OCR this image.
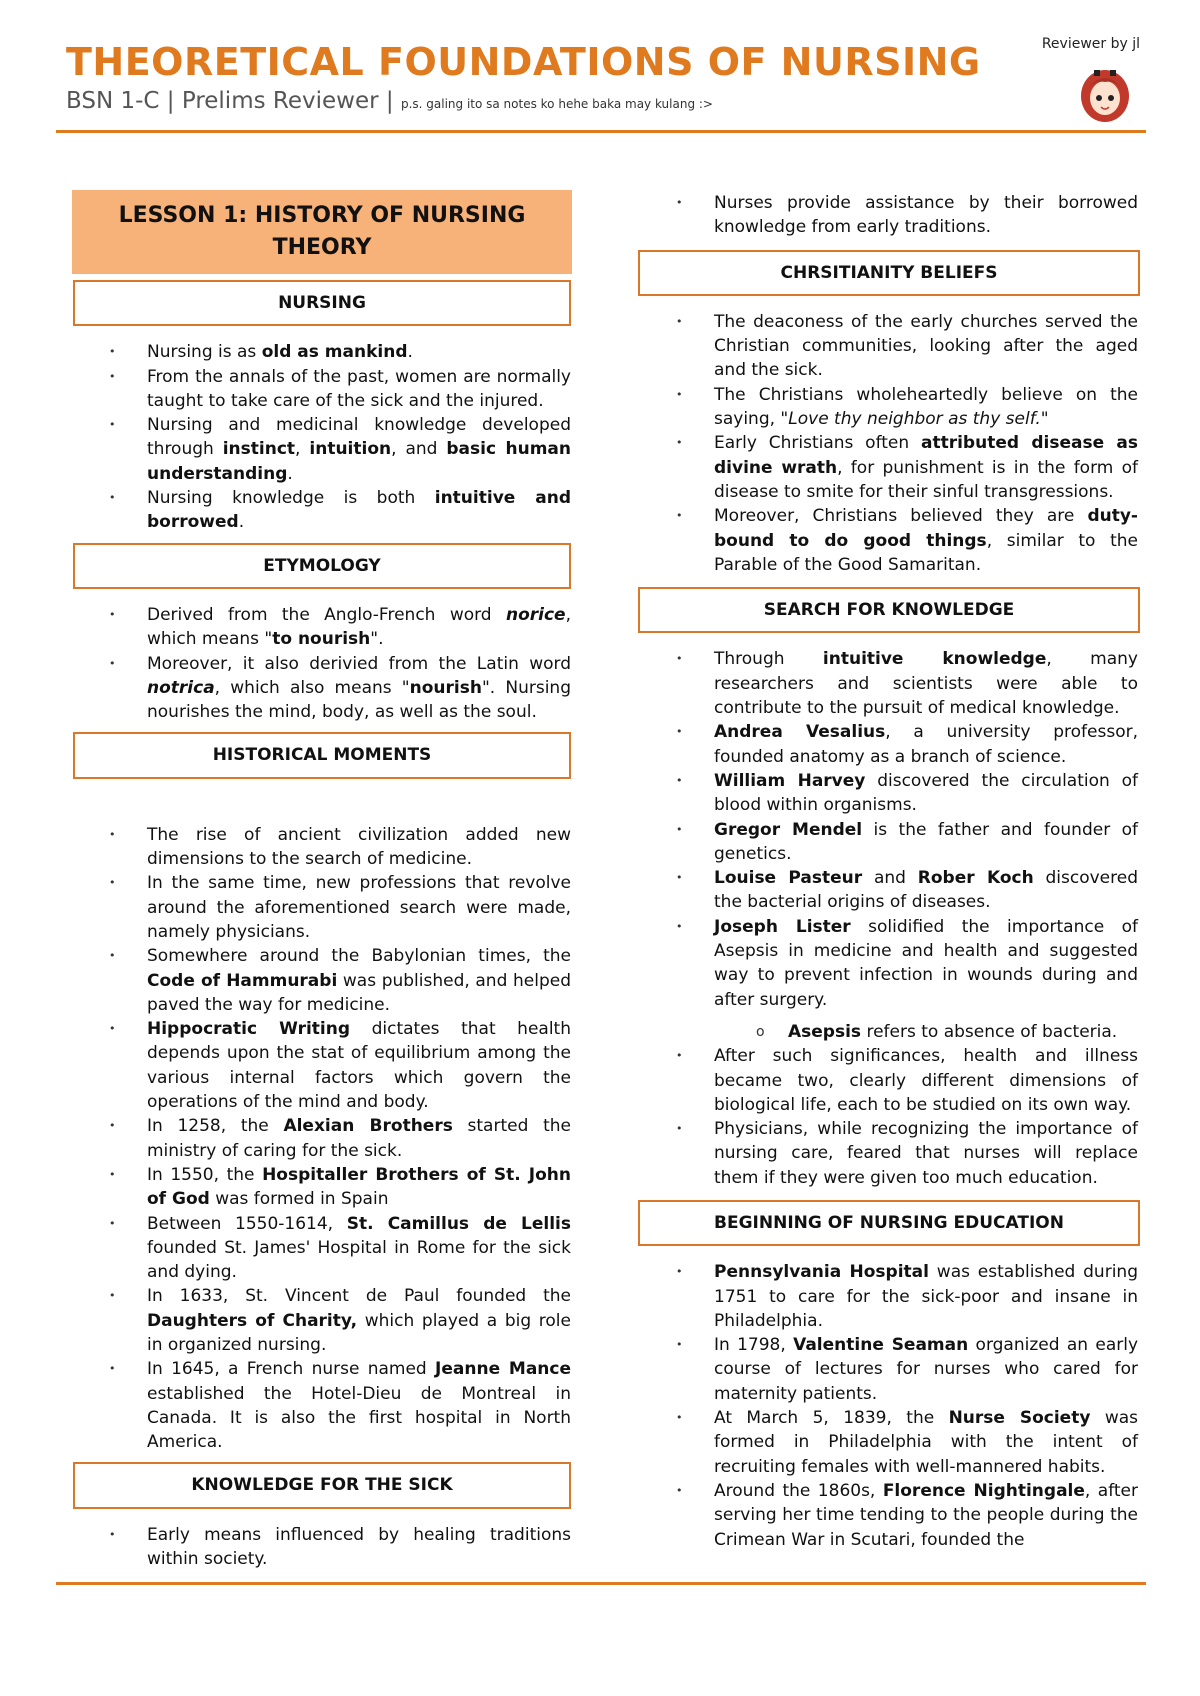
THEORETICAL FOUNDATIONS OF NURSING
BSN 1-C | Prelims Reviewer | p.s. galing ito sa notes ko hehe baka may kulang :>
Reviewer by jl
LESSON 1: HISTORY OF NURSING THEORY
NURSING
• Nursing is as old as mankind.
• From the annals of the past, women are normally taught to take care of the sick and the injured.
• Nursing and medicinal knowledge developed through instinct, intuition, and basic human understanding.
• Nursing knowledge is both intuitive and borrowed.
ETYMOLOGY
• Derived from the Anglo-French word norice, which means "to nourish".
• Moreover, it also derivied from the Latin word notrica, which also means "nourish". Nursing nourishes the mind, body, as well as the soul.
HISTORICAL MOMENTS
• The rise of ancient civilization added new dimensions to the search of medicine.
• In the same time, new professions that revolve around the aforementioned search were made, namely physicians.
• Somewhere around the Babylonian times, the Code of Hammurabi was published, and helped paved the way for medicine.
• Hippocratic Writing dictates that health depends upon the stat of equilibrium among the various internal factors which govern the operations of the mind and body.
• In 1258, the Alexian Brothers started the ministry of caring for the sick.
• In 1550, the Hospitaller Brothers of St. John of God was formed in Spain
• Between 1550-1614, St. Camillus de Lellis founded St. James' Hospital in Rome for the sick and dying.
• In 1633, St. Vincent de Paul founded the Daughters of Charity, which played a big role in organized nursing.
• In 1645, a French nurse named Jeanne Mance established the Hotel-Dieu de Montreal in Canada. It is also the first hospital in North America.
KNOWLEDGE FOR THE SICK
• Early means influenced by healing traditions within society.
• Nurses provide assistance by their borrowed knowledge from early traditions.
CHRSITIANITY BELIEFS
• The deaconess of the early churches served the Christian communities, looking after the aged and the sick.
• The Christians wholeheartedly believe on the saying, "Love thy neighbor as thy self."
• Early Christians often attributed disease as divine wrath, for punishment is in the form of disease to smite for their sinful transgressions.
• Moreover, Christians believed they are duty-bound to do good things, similar to the Parable of the Good Samaritan.
SEARCH FOR KNOWLEDGE
• Through intuitive knowledge, many researchers and scientists were able to contribute to the pursuit of medical knowledge.
• Andrea Vesalius, a university professor, founded anatomy as a branch of science.
• William Harvey discovered the circulation of blood within organisms.
• Gregor Mendel is the father and founder of genetics.
• Louise Pasteur and Rober Koch discovered the bacterial origins of diseases.
• Joseph Lister solidified the importance of Asepsis in medicine and health and suggested way to prevent infection in wounds during and after surgery.
o Asepsis refers to absence of bacteria.
• After such significances, health and illness became two, clearly different dimensions of biological life, each to be studied on its own way.
• Physicians, while recognizing the importance of nursing care, feared that nurses will replace them if they were given too much education.
BEGINNING OF NURSING EDUCATION
• Pennsylvania Hospital was established during 1751 to care for the sick-poor and insane in Philadelphia.
• In 1798, Valentine Seaman organized an early course of lectures for nurses who cared for maternity patients.
• At March 5, 1839, the Nurse Society was formed in Philadelphia with the intent of recruiting females with well-mannered habits.
• Around the 1860s, Florence Nightingale, after serving her time tending to the people during the Crimean War in Scutari, founded the
